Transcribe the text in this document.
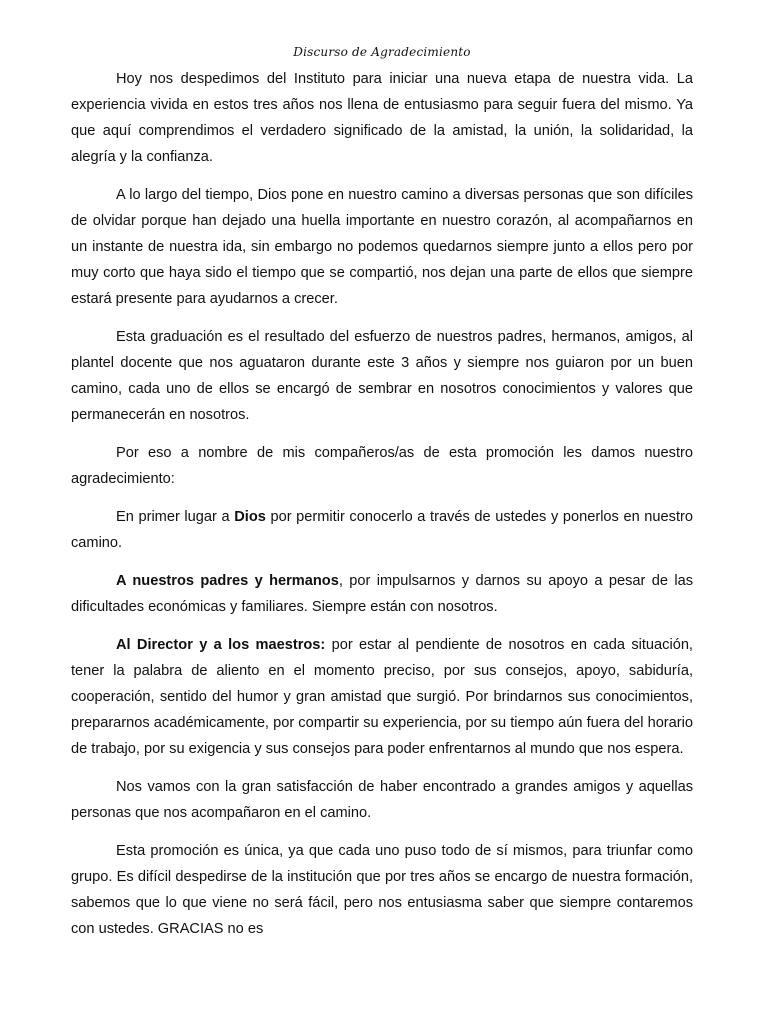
Discurso de Agradecimiento

Hoy nos despedimos del Instituto para iniciar una nueva etapa de nuestra vida. La experiencia vivida en estos tres años nos llena de entusiasmo para seguir fuera del mismo. Ya que aquí comprendimos el verdadero significado de la amistad, la unión, la solidaridad, la alegría y la confianza.

A lo largo del tiempo, Dios pone en nuestro camino a diversas personas que son difíciles de olvidar porque han dejado una huella importante en nuestro corazón, al acompañarnos en un instante de nuestra ida, sin embargo no podemos quedarnos siempre junto a ellos pero por muy corto que haya sido el tiempo que se compartió, nos dejan una parte de ellos que siempre estará presente para ayudarnos a crecer.

Esta graduación es el resultado del esfuerzo de nuestros padres, hermanos, amigos, al plantel docente que nos aguataron durante este 3 años y siempre nos guiaron por un buen camino, cada uno de ellos se encargó de sembrar en nosotros conocimientos y valores que permanecerán en nosotros.

Por eso a nombre de mis compañeros/as de esta promoción les damos nuestro agradecimiento:

En primer lugar a Dios por permitir conocerlo a través de ustedes y ponerlos en nuestro camino.

A nuestros padres y hermanos, por impulsarnos y darnos su apoyo a pesar de las dificultades económicas y familiares. Siempre están con nosotros.

Al Director y a los maestros: por estar al pendiente de nosotros en cada situación, tener la palabra de aliento en el momento preciso, por sus consejos, apoyo, sabiduría, cooperación, sentido del humor y gran amistad que surgió. Por brindarnos sus conocimientos, prepararnos académicamente, por compartir su experiencia, por su tiempo aún fuera del horario de trabajo, por su exigencia y sus consejos para poder enfrentarnos al mundo que nos espera.

Nos vamos con la gran satisfacción de haber encontrado a grandes amigos y aquellas personas que nos acompañaron en el camino.

Esta promoción es única, ya que cada uno puso todo de sí mismos, para triunfar como grupo. Es difícil despedirse de la institución que por tres años se encargo de nuestra formación, sabemos que lo que viene no será fácil, pero nos entusiasma saber que siempre contaremos con ustedes. GRACIAS no es
